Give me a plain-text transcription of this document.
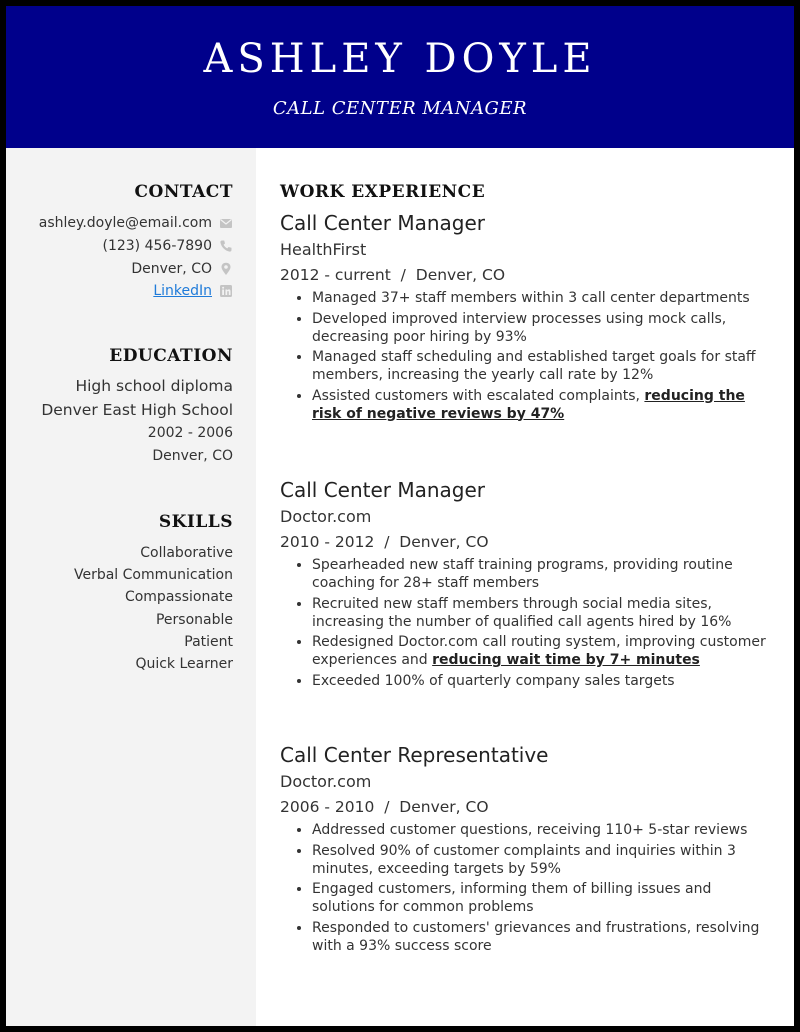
ASHLEY DOYLE
CALL CENTER MANAGER
CONTACT
ashley.doyle@email.com
(123) 456-7890
Denver, CO
LinkedIn
EDUCATION
High school diploma
Denver East High School
2002 - 2006
Denver, CO
SKILLS
Collaborative
Verbal Communication
Compassionate
Personable
Patient
Quick Learner
WORK EXPERIENCE
Call Center Manager
HealthFirst
2012 - current  /  Denver, CO
• Managed 37+ staff members within 3 call center departments
• Developed improved interview processes using mock calls, decreasing poor hiring by 93%
• Managed staff scheduling and established target goals for staff members, increasing the yearly call rate by 12%
• Assisted customers with escalated complaints, reducing the risk of negative reviews by 47%
Call Center Manager
Doctor.com
2010 - 2012  /  Denver, CO
• Spearheaded new staff training programs, providing routine coaching for 28+ staff members
• Recruited new staff members through social media sites, increasing the number of qualified call agents hired by 16%
• Redesigned Doctor.com call routing system, improving customer experiences and reducing wait time by 7+ minutes
• Exceeded 100% of quarterly company sales targets
Call Center Representative
Doctor.com
2006 - 2010  /  Denver, CO
• Addressed customer questions, receiving 110+ 5-star reviews
• Resolved 90% of customer complaints and inquiries within 3 minutes, exceeding targets by 59%
• Engaged customers, informing them of billing issues and solutions for common problems
• Responded to customers' grievances and frustrations, resolving with a 93% success score
